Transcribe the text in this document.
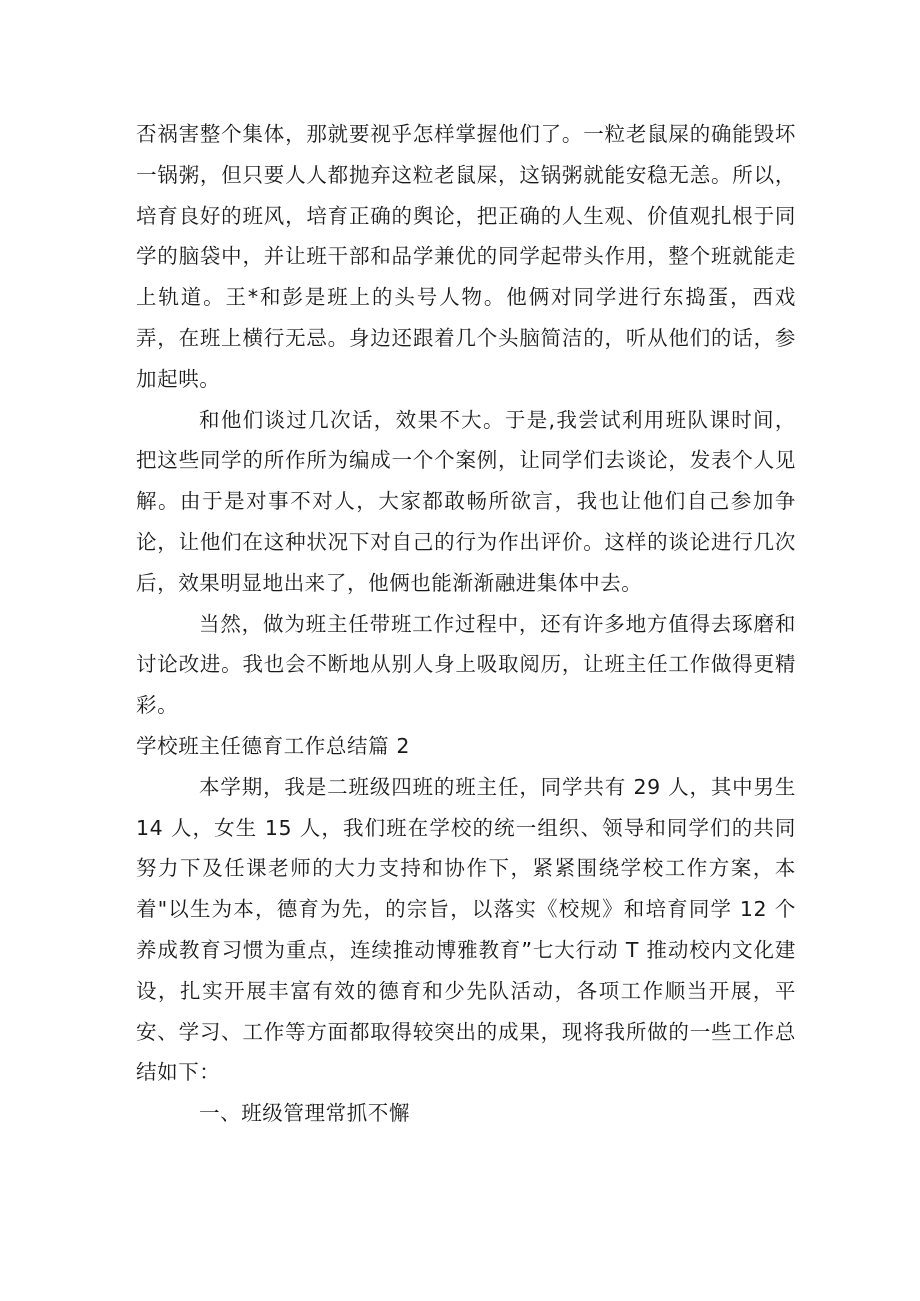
否祸害整个集体，那就要视乎怎样掌握他们了。一粒老鼠屎的确能毁坏一锅粥，但只要人人都抛弃这粒老鼠屎，这锅粥就能安稳无恙。所以，培育良好的班风，培育正确的舆论，把正确的人生观、价值观扎根于同学的脑袋中，并让班干部和品学兼优的同学起带头作用，整个班就能走上轨道。王*和彭是班上的头号人物。他俩对同学进行东捣蛋，西戏弄，在班上横行无忌。身边还跟着几个头脑简洁的，听从他们的话，参加起哄。

和他们谈过几次话，效果不大。于是,我尝试利用班队课时间，把这些同学的所作所为编成一个个案例，让同学们去谈论，发表个人见解。由于是对事不对人，大家都敢畅所欲言，我也让他们自己参加争论，让他们在这种状况下对自己的行为作出评价。这样的谈论进行几次后，效果明显地出来了，他俩也能渐渐融进集体中去。

当然，做为班主任带班工作过程中，还有许多地方值得去琢磨和讨论改进。我也会不断地从别人身上吸取阅历，让班主任工作做得更精彩。

学校班主任德育工作总结篇 2

本学期，我是二班级四班的班主任，同学共有 29 人，其中男生 14 人，女生 15 人，我们班在学校的统一组织、领导和同学们的共同努力下及任课老师的大力支持和协作下，紧紧围绕学校工作方案，本着"以生为本，德育为先，的宗旨，以落实《校规》和培育同学 12 个养成教育习惯为重点，连续推动博雅教育”七大行动 T 推动校内文化建设，扎实开展丰富有效的德育和少先队活动，各项工作顺当开展，平安、学习、工作等方面都取得较突出的成果，现将我所做的一些工作总结如下：

一、班级管理常抓不懈
